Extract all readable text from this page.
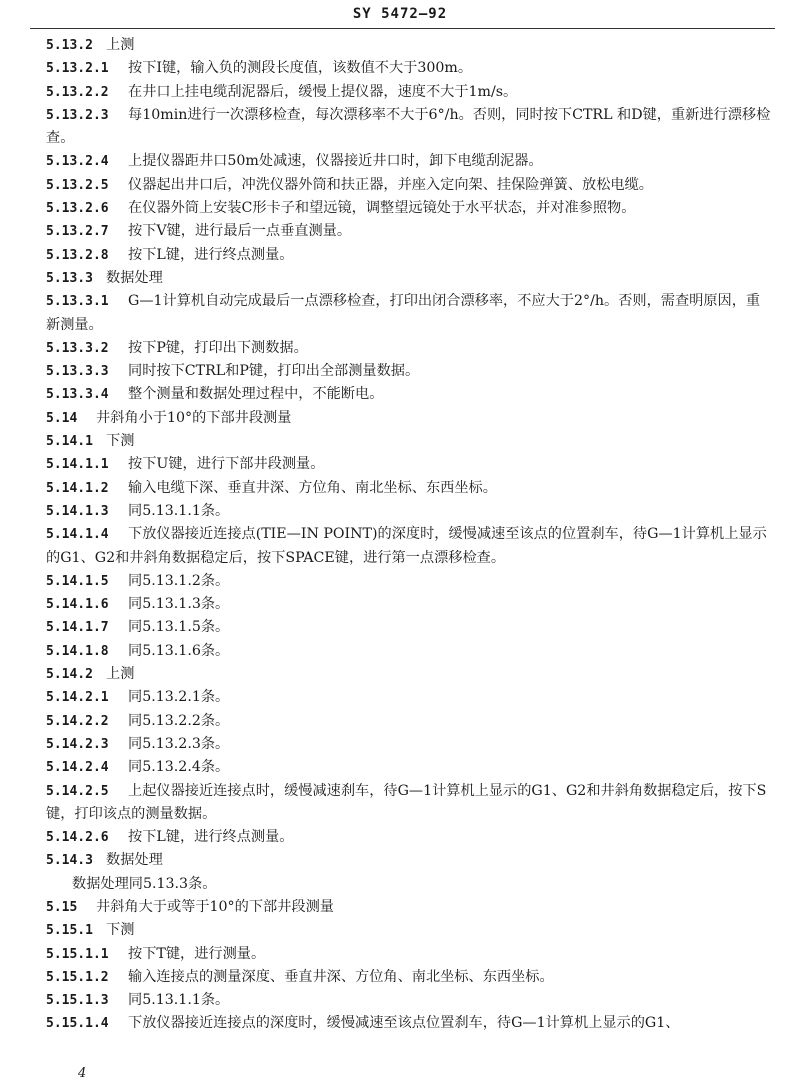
SY 5472—92
5.13.2 上测
5.13.2.1 按下I键，输入负的测段长度值，该数值不大于300m。
5.13.2.2 在井口上挂电缆刮泥器后，缓慢上提仪器，速度不大于1m/s。
5.13.2.3 每10min进行一次漂移检查，每次漂移率不大于6°/h。否则，同时按下CTRL 和D键，重新进行漂移检查。
5.13.2.4 上提仪器距井口50m处减速，仪器接近井口时，卸下电缆刮泥器。
5.13.2.5 仪器起出井口后，冲洗仪器外筒和扶正器，并座入定向架、挂保险弹簧、放松电缆。
5.13.2.6 在仪器外筒上安装C形卡子和望远镜，调整望远镜处于水平状态，并对准参照物。
5.13.2.7 按下V键，进行最后一点垂直测量。
5.13.2.8 按下L键，进行终点测量。
5.13.3 数据处理
5.13.3.1 G—1计算机自动完成最后一点漂移检查，打印出闭合漂移率，不应大于2°/h。否则，需查明原因，重新测量。
5.13.3.2 按下P键，打印出下测数据。
5.13.3.3 同时按下CTRL和P键，打印出全部测量数据。
5.13.3.4 整个测量和数据处理过程中，不能断电。
5.14 井斜角小于10°的下部井段测量
5.14.1 下测
5.14.1.1 按下U键，进行下部井段测量。
5.14.1.2 输入电缆下深、垂直井深、方位角、南北坐标、东西坐标。
5.14.1.3 同5.13.1.1条。
5.14.1.4 下放仪器接近连接点(TIE—IN POINT)的深度时，缓慢减速至该点的位置刹车，待G—1计算机上显示的G1、G2和井斜角数据稳定后，按下SPACE键，进行第一点漂移检查。
5.14.1.5 同5.13.1.2条。
5.14.1.6 同5.13.1.3条。
5.14.1.7 同5.13.1.5条。
5.14.1.8 同5.13.1.6条。
5.14.2 上测
5.14.2.1 同5.13.2.1条。
5.14.2.2 同5.13.2.2条。
5.14.2.3 同5.13.2.3条。
5.14.2.4 同5.13.2.4条。
5.14.2.5 上起仪器接近连接点时，缓慢减速刹车，待G—1计算机上显示的G1、G2和井斜角数据稳定后，按下S键，打印该点的测量数据。
5.14.2.6 按下L键，进行终点测量。
5.14.3 数据处理
数据处理同5.13.3条。
5.15 井斜角大于或等于10°的下部井段测量
5.15.1 下测
5.15.1.1 按下T键，进行测量。
5.15.1.2 输入连接点的测量深度、垂直井深、方位角、南北坐标、东西坐标。
5.15.1.3 同5.13.1.1条。
5.15.1.4 下放仪器接近连接点的深度时，缓慢减速至该点位置刹车，待G—1计算机上显示的G1、
4
